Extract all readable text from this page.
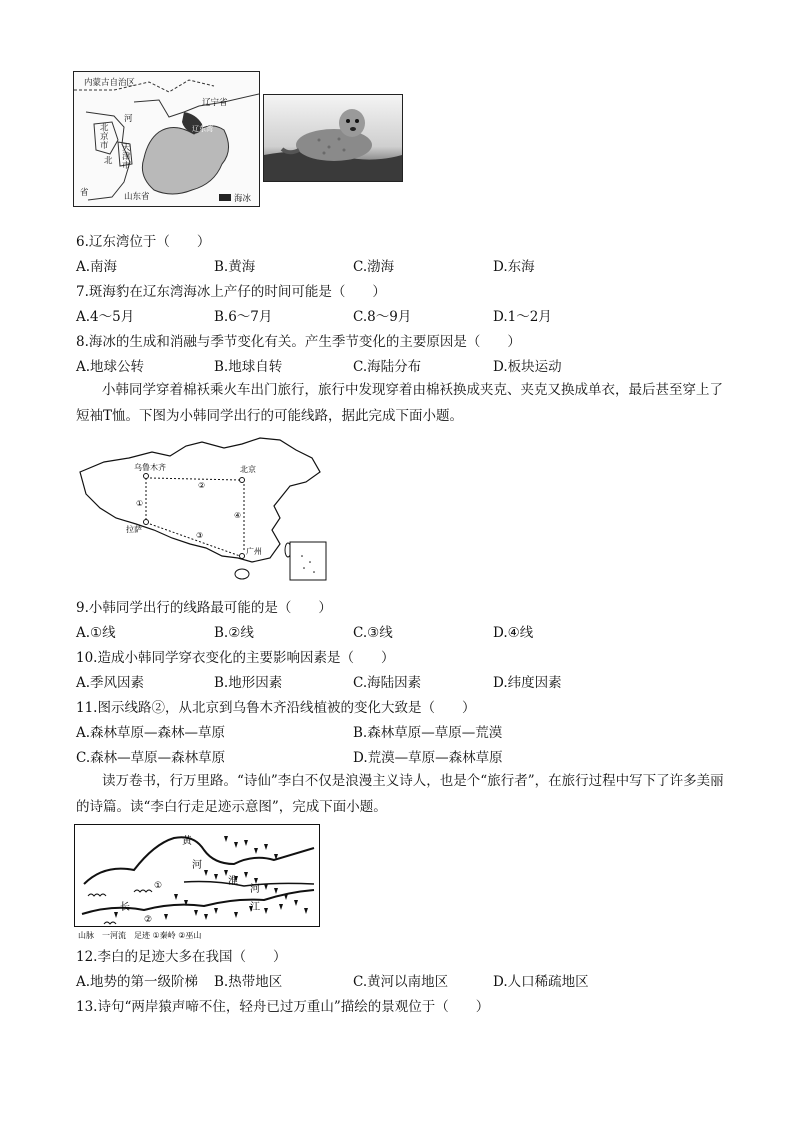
内蒙古自治区
辽宁省
辽东湾
河
北
省
北京市 天津市
山东省	海冰
6.辽东湾位于（　　）
A.南海	B.黄海	C.渤海	D.东海
7.斑海豹在辽东湾海冰上产仔的时间可能是（　　）
A.4～5月	B.6～7月	C.8～9月	D.1～2月
8.海冰的生成和消融与季节变化有关。产生季节变化的主要原因是（　　）
A.地球公转	B.地球自转	C.海陆分布	D.板块运动
小韩同学穿着棉袄乘火车出门旅行，旅行中发现穿着由棉袄换成夹克、夹克又换成单衣，最后甚至穿上了短袖T恤。下图为小韩同学出行的可能线路，据此完成下面小题。
乌鲁木齐	北京
拉萨
广州
①
②
③
④
9.小韩同学出行的线路最可能的是（　　）
A.①线	B.②线	C.③线	D.④线
10.造成小韩同学穿衣变化的主要影响因素是（　　）
A.季风因素	B.地形因素	C.海陆因素	D.纬度因素
11.图示线路②，从北京到乌鲁木齐沿线植被的变化大致是（　　）
A.森林草原—森林—草原	B.森林草原—草原—荒漠
C.森林—草原—森林草原	D.荒漠—草原—森林草原
读万卷书，行万里路。“诗仙”李白不仅是浪漫主义诗人，也是个“旅行者”，在旅行过程中写下了许多美丽的诗篇。读“李白行走足迹示意图”，完成下面小题。
黄
河
淮
河
长	江
①
②
山脉　一河流　足迹 ①秦岭 ②巫山
12.李白的足迹大多在我国（　　）
A.地势的第一级阶梯 B.热带地区	C.黄河以南地区	D.人口稀疏地区
13.诗句“两岸猿声啼不住，轻舟已过万重山”描绘的景观位于（　　）
